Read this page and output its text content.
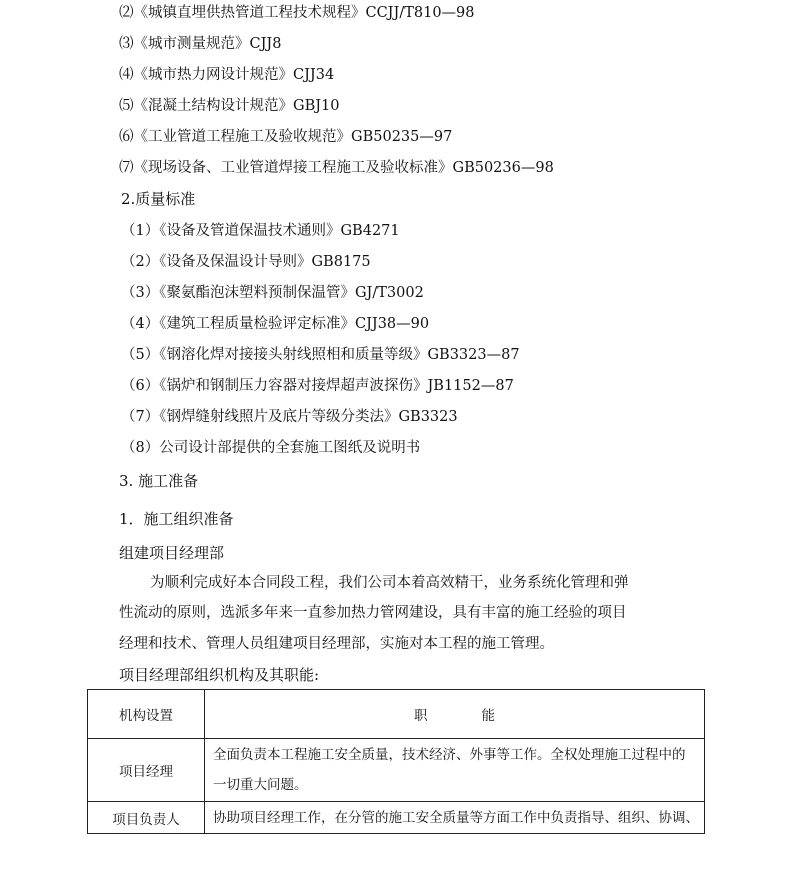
⑵《城镇直埋供热管道工程技术规程》CCJJ/T810—98
⑶《城市测量规范》CJJ8
⑷《城市热力网设计规范》CJJ34
⑸《混凝土结构设计规范》GBJ10
⑹《工业管道工程施工及验收规范》GB50235—97
⑺《现场设备、工业管道焊接工程施工及验收标准》GB50236—98
2.质量标准
（1）《设备及管道保温技术通则》GB4271
（2）《设备及保温设计导则》GB8175
（3）《聚氨酯泡沫塑料预制保温管》GJ/T3002
（4）《建筑工程质量检验评定标准》CJJ38—90
（5）《钢溶化焊对接接头射线照相和质量等级》GB3323—87
（6）《锅炉和钢制压力容器对接焊超声波探伤》JB1152—87
（7）《钢焊缝射线照片及底片等级分类法》GB3323
（8）公司设计部提供的全套施工图纸及说明书
3. 施工准备
1．施工组织准备
组建项目经理部
为顺利完成好本合同段工程，我们公司本着高效精干，业务系统化管理和弹
性流动的原则，选派多年来一直参加热力管网建设，具有丰富的施工经验的项目
经理和技术、管理人员组建项目经理部，实施对本工程的施工管理。
项目经理部组织机构及其职能:
机构设置	职能
项目经理	全面负责本工程施工安全质量，技术经济、外事等工作。全权处理施工过程中的
一切重大问题。

项目负责人	协助项目经理工作，在分管的施工安全质量等方面工作中负责指导、组织、协调、
